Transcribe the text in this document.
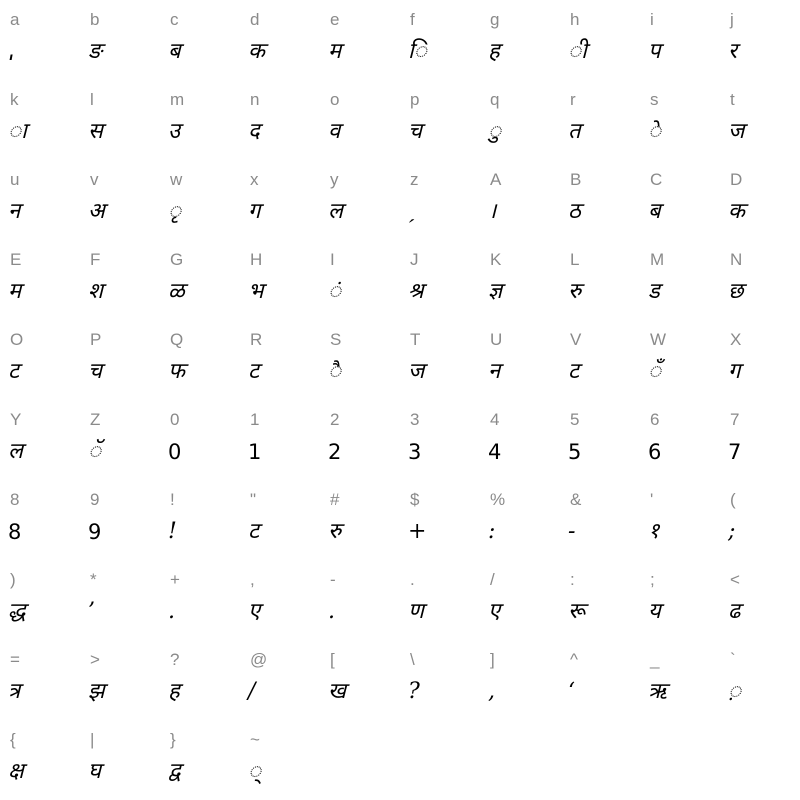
a
ˌ
b
ङ
c
ब
d
क
e
म
f
ि
g
ह
h
ी
i
प
j
र
k
ा
l
स
m
उ
n
द
o
व
p
च
q
ु
r
त
s
े
t
ज
u
न
v
अ
w
ृ
x
ग
y
ल
z
ˏ
A
।
B
ठ
C
ब
D
क
E
म
F
श
G
ळ
H
भ
I
ं
J
श्र
K
ज्ञ
L
रु
M
ड
N
छ
O
ट
P
च
Q
फ
R
ट
S
ै
T
ज
U
न
V
ट
W
ँ
X
ग
Y
ल
Z
ॅ
0
0
1
1
2
2
3
3
4
4
5
5
6
6
7
7
8
8
9
9
!
!
"
ट
#
रु
$
+
%
:
&
-
'
१
(
;
)
द्ध
*
’
+
.
,
ए
-
.
.
ण
/
ए
:
रू
;
य
<
ढ
=
त्र
>
झ
?
ह
@
/
[
ख
\
?
]
,
^
‘
_
ऋ
`
़
{
क्ष
|
घ
}
द्व
~
्
